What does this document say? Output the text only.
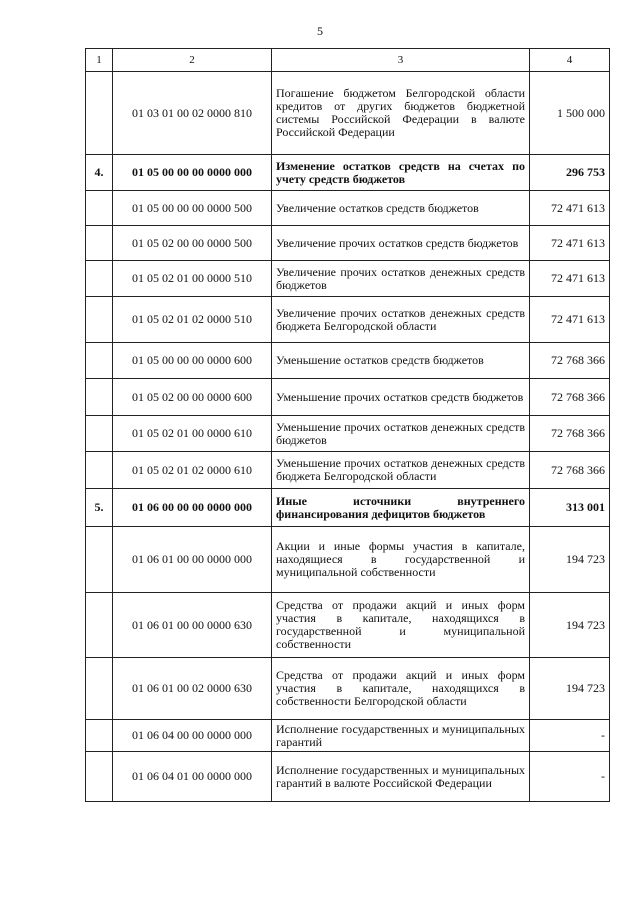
5
1	2	3	4
	01 03 01 00 02 0000 810	Погашение бюджетом Белгородской области кредитов от других бюджетов бюджетной системы Российской Федерации в валюте Российской Федерации	1 500 000
4.	01 05 00 00 00 0000 000	Изменение остатков средств на счетах по учету средств бюджетов	296 753
	01 05 00 00 00 0000 500	Увеличение остатков средств бюджетов	72 471 613
	01 05 02 00 00 0000 500	Увеличение прочих остатков средств бюджетов	72 471 613
	01 05 02 01 00 0000 510	Увеличение прочих остатков денежных средств бюджетов	72 471 613
	01 05 02 01 02 0000 510	Увеличение прочих остатков денежных средств бюджета Белгородской области	72 471 613
	01 05 00 00 00 0000 600	Уменьшение остатков средств бюджетов	72 768 366
	01 05 02 00 00 0000 600	Уменьшение прочих остатков средств бюджетов	72 768 366
	01 05 02 01 00 0000 610	Уменьшение прочих остатков денежных средств бюджетов	72 768 366
	01 05 02 01 02 0000 610	Уменьшение прочих остатков денежных средств бюджета Белгородской области	72 768 366
5.	01 06 00 00 00 0000 000	Иные источники внутреннего финансирования дефицитов бюджетов	313 001
	01 06 01 00 00 0000 000	Акции и иные формы участия в капитале, находящиеся в государственной и муниципальной собственности	194 723
	01 06 01 00 00 0000 630	Средства от продажи акций и иных форм участия в капитале, находящихся в государственной и муниципальной собственности	194 723
	01 06 01 00 02 0000 630	Средства от продажи акций и иных форм участия в капитале, находящихся в собственности Белгородской области	194 723
	01 06 04 00 00 0000 000	Исполнение государственных и муниципальных гарантий	-
	01 06 04 01 00 0000 000	Исполнение государственных и муниципальных гарантий в валюте Российской Федерации	-
